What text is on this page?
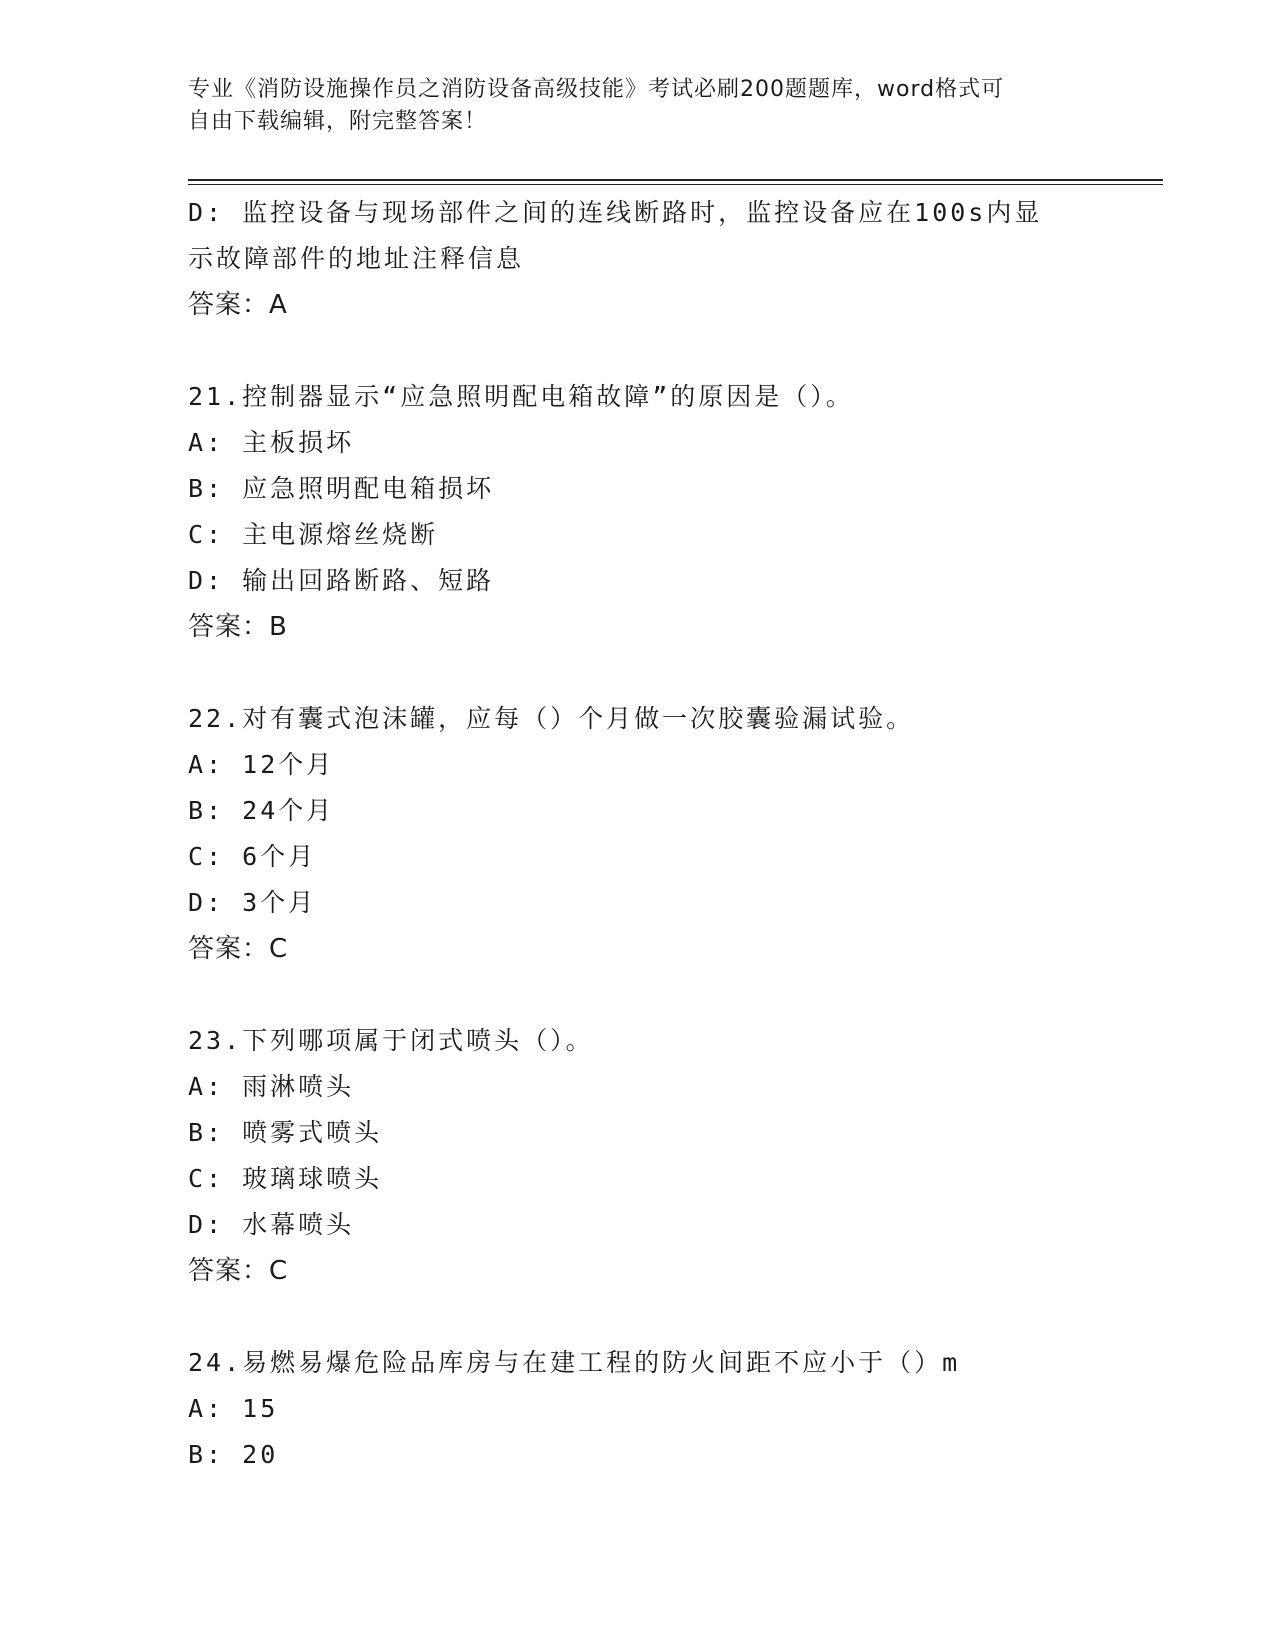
专业《消防设施操作员之消防设备高级技能》考试必刷200题题库，word格式可
自由下载编辑，附完整答案！
D: 监控设备与现场部件之间的连线断路时，监控设备应在100s内显
示故障部件的地址注释信息
答案：A
21.控制器显示“应急照明配电箱故障”的原因是（）。
A: 主板损坏
B: 应急照明配电箱损坏
C: 主电源熔丝烧断
D: 输出回路断路、短路
答案：B
22.对有囊式泡沫罐，应每（）个月做一次胶囊验漏试验。
A: 12个月
B: 24个月
C: 6个月
D: 3个月
答案：C
23.下列哪项属于闭式喷头（）。
A: 雨淋喷头
B: 喷雾式喷头
C: 玻璃球喷头
D: 水幕喷头
答案：C
24.易燃易爆危险品库房与在建工程的防火间距不应小于（）m
A: 15
B: 20
